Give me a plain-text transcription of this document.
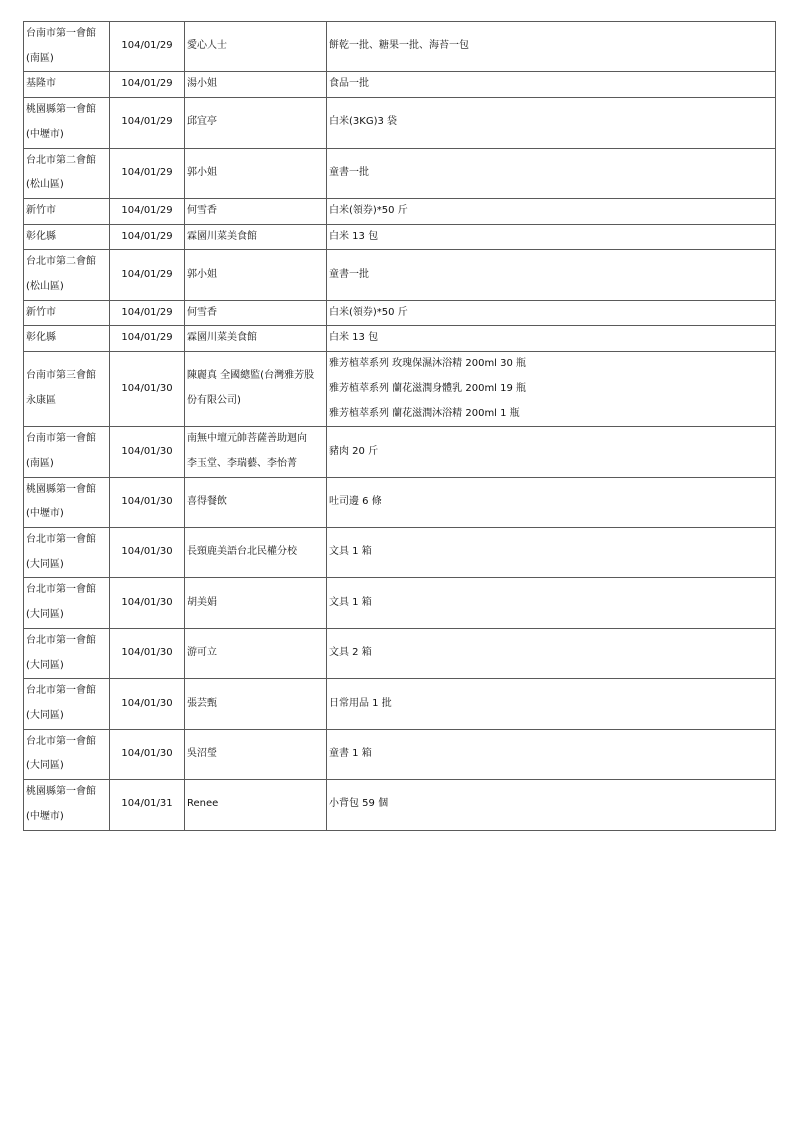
台南市第一會館
(南區)	104/01/29	愛心人士	餅乾一批、糖果一批、海苔一包

基隆市	104/01/29	湯小姐	食品一批

桃園縣第一會館
(中壢市)	104/01/29	邱宜亭	白米(3KG)3 袋

台北市第二會館
(松山區)	104/01/29	郭小姐	童書一批

新竹市	104/01/29	何雪香	白米(領券)*50 斤

彰化縣	104/01/29	霖園川菜美食館	白米 13 包

台北市第二會館
(松山區)	104/01/29	郭小姐	童書一批

新竹市	104/01/29	何雪香	白米(領券)*50 斤

彰化縣	104/01/29	霖園川菜美食館	白米 13 包

台南市第三會館
永康區	104/01/30	陳麗真 全國總監(台灣雅芳股
份有限公司)	雅芳植萃系列 玫瑰保濕沐浴精 200ml 30 瓶
雅芳植萃系列 蘭花滋潤身體乳 200ml 19 瓶
雅芳植萃系列 蘭花滋潤沐浴精 200ml 1 瓶

台南市第一會館
(南區)	104/01/30	南無中壇元帥菩薩善助迴向
李玉堂、李瑞藝、李怡菁	豬肉 20 斤

桃園縣第一會館
(中壢市)	104/01/30	喜得餐飲	吐司邊 6 條

台北市第一會館
(大同區)	104/01/30	長頸鹿美語台北民權分校	文具 1 箱

台北市第一會館
(大同區)	104/01/30	胡美娟	文具 1 箱

台北市第一會館
(大同區)	104/01/30	游可立	文具 2 箱

台北市第一會館
(大同區)	104/01/30	張芸甄	日常用品 1 批

台北市第一會館
(大同區)	104/01/30	吳沼瑩	童書 1 箱

桃園縣第一會館
(中壢市)	104/01/31	Renee	小背包 59 個
